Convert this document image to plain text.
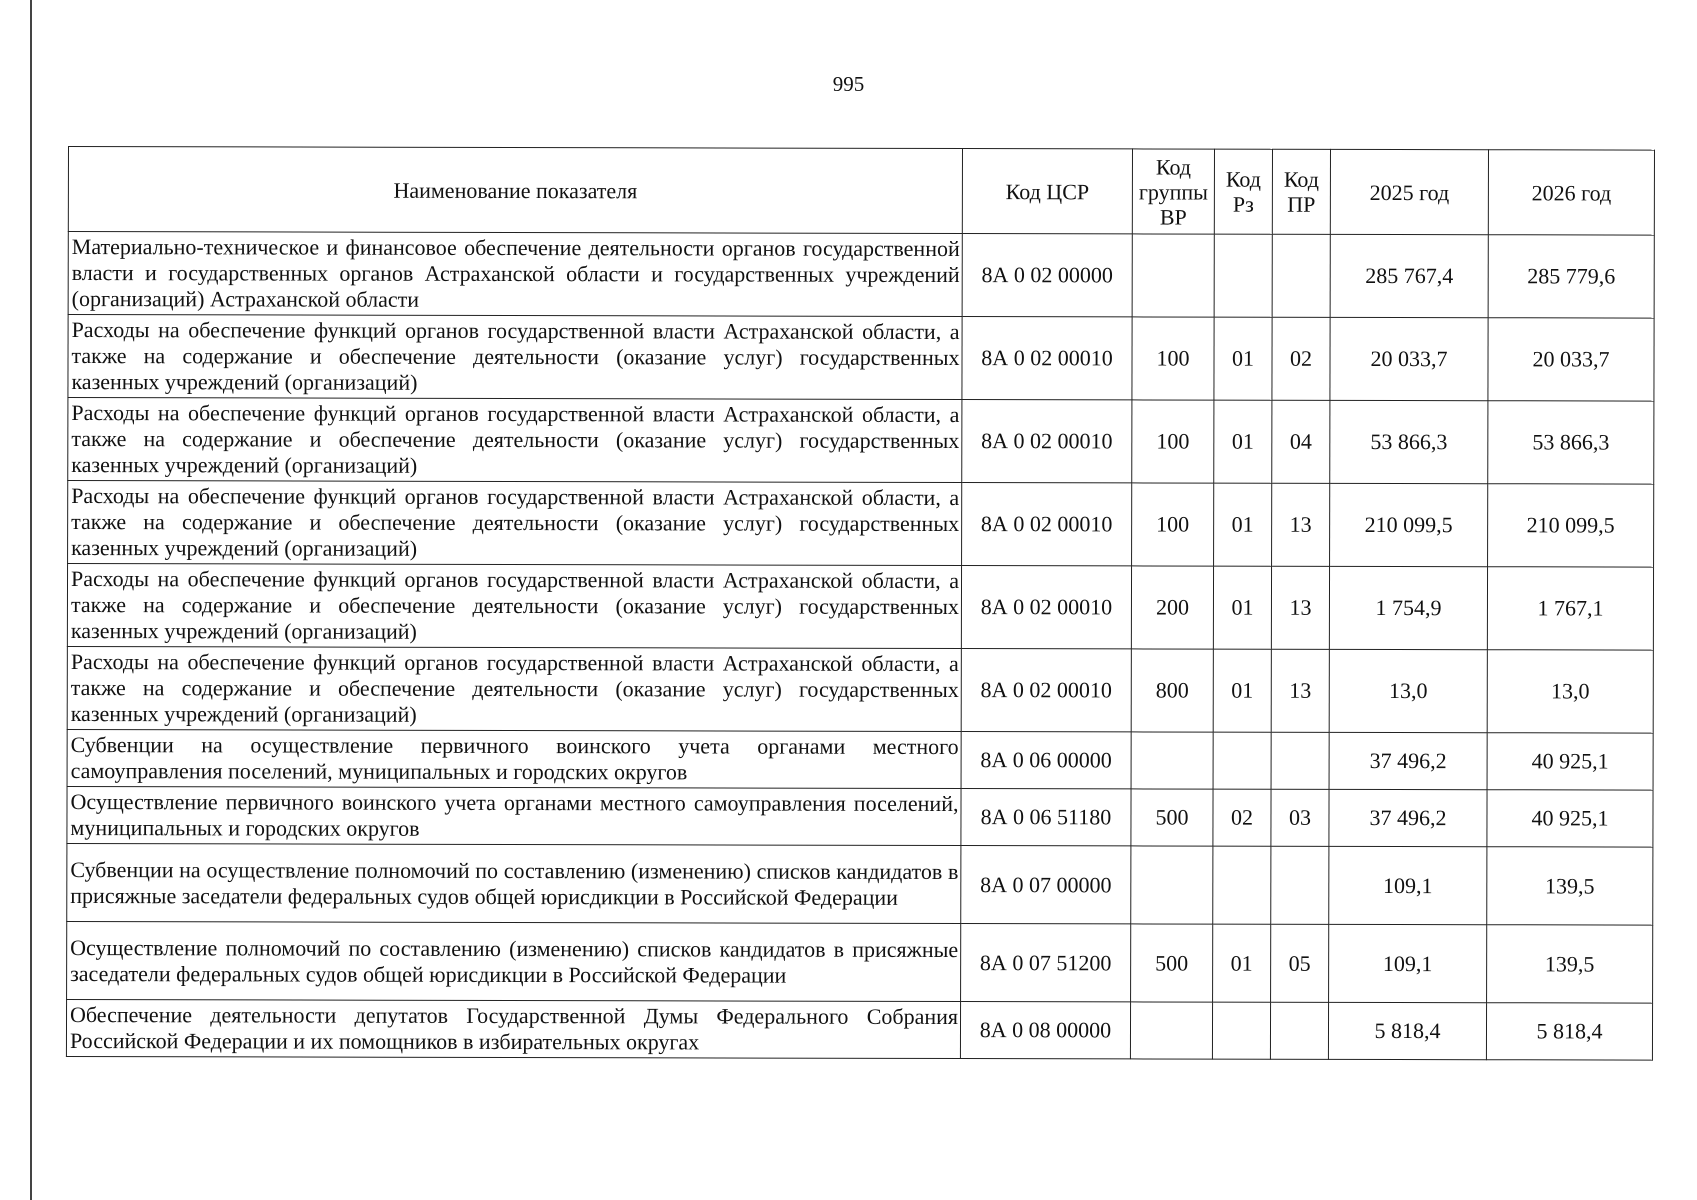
995
Наименование показателя	Код ЦСР	Код группы ВР	Код Рз	Код ПР	2025 год	2026 год
Материально-техническое и финансовое обеспечение деятельности органов государственной власти и государственных органов Астраханской области и государственных учреждений (организаций) Астраханской области	8А 0 02 00000				285 767,4	285 779,6
Расходы на обеспечение функций органов государственной власти Астраханской области, а также на содержание и обеспечение деятельности (оказание услуг) государственных казенных учреждений (организаций)	8А 0 02 00010	100	01	02	20 033,7	20 033,7
Расходы на обеспечение функций органов государственной власти Астраханской области, а также на содержание и обеспечение деятельности (оказание услуг) государственных казенных учреждений (организаций)	8А 0 02 00010	100	01	04	53 866,3	53 866,3
Расходы на обеспечение функций органов государственной власти Астраханской области, а также на содержание и обеспечение деятельности (оказание услуг) государственных казенных учреждений (организаций)	8А 0 02 00010	100	01	13	210 099,5	210 099,5
Расходы на обеспечение функций органов государственной власти Астраханской области, а также на содержание и обеспечение деятельности (оказание услуг) государственных казенных учреждений (организаций)	8А 0 02 00010	200	01	13	1 754,9	1 767,1
Расходы на обеспечение функций органов государственной власти Астраханской области, а также на содержание и обеспечение деятельности (оказание услуг) государственных казенных учреждений (организаций)	8А 0 02 00010	800	01	13	13,0	13,0
Субвенции на осуществление первичного воинского учета органами местного самоуправления поселений, муниципальных и городских округов	8А 0 06 00000				37 496,2	40 925,1
Осуществление первичного воинского учета органами местного самоуправления поселений, муниципальных и городских округов	8А 0 06 51180	500	02	03	37 496,2	40 925,1
Субвенции на осуществление полномочий по составлению (изменению) списков кандидатов в присяжные заседатели федеральных судов общей юрисдикции в Российской Федерации	8А 0 07 00000				109,1	139,5
Осуществление полномочий по составлению (изменению) списков кандидатов в присяжные заседатели федеральных судов общей юрисдикции в Российской Федерации	8А 0 07 51200	500	01	05	109,1	139,5
Обеспечение деятельности депутатов Государственной Думы Федерального Собрания Российской Федерации и их помощников в избирательных округах	8А 0 08 00000				5 818,4	5 818,4
